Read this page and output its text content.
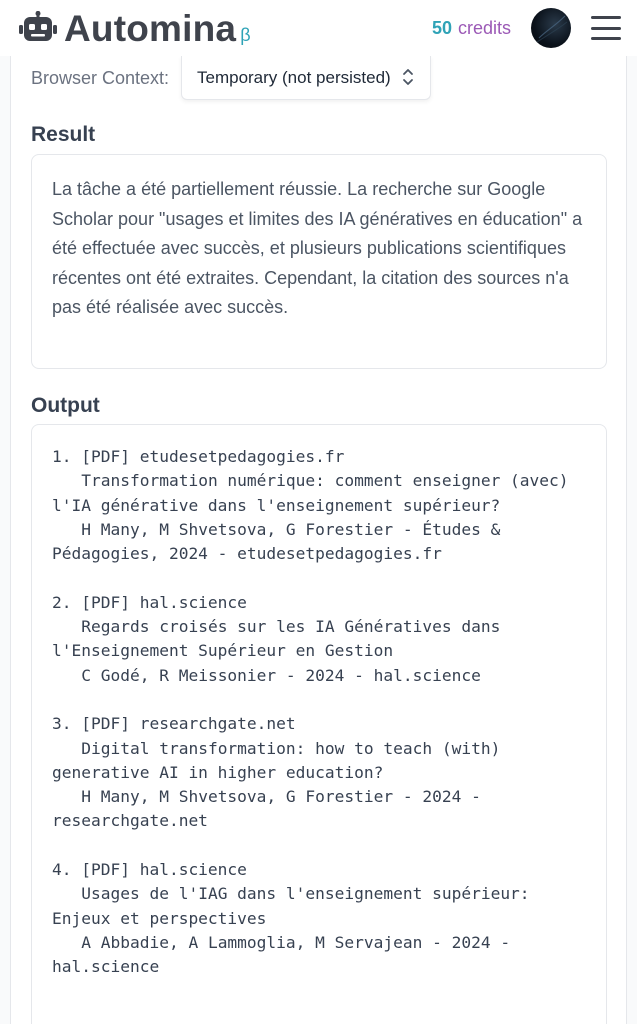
Automina β	50 credits
Browser Context:	Temporary (not persisted)
Result
La tâche a été partiellement réussie. La recherche sur Google Scholar pour "usages et limites des IA génératives en éducation" a été effectuée avec succès, et plusieurs publications scientifiques récentes ont été extraites. Cependant, la citation des sources n'a pas été réalisée avec succès.
Output
1. [PDF] etudesetpedagogies.fr
Transformation numérique: comment enseigner (avec) l'IA générative dans l'enseignement supérieur?
H Many, M Shvetsova, G Forestier - Études & Pédagogies, 2024 - etudesetpedagogies.fr
2. [PDF] hal.science
Regards croisés sur les IA Génératives dans l'Enseignement Supérieur en Gestion
C Godé, R Meissonier - 2024 - hal.science
3. [PDF] researchgate.net
Digital transformation: how to teach (with) generative AI in higher education?
H Many, M Shvetsova, G Forestier - 2024 - researchgate.net
4. [PDF] hal.science
Usages de l'IAG dans l'enseignement supérieur: Enjeux et perspectives
A Abbadie, A Lammoglia, M Servajean - 2024 - hal.science
